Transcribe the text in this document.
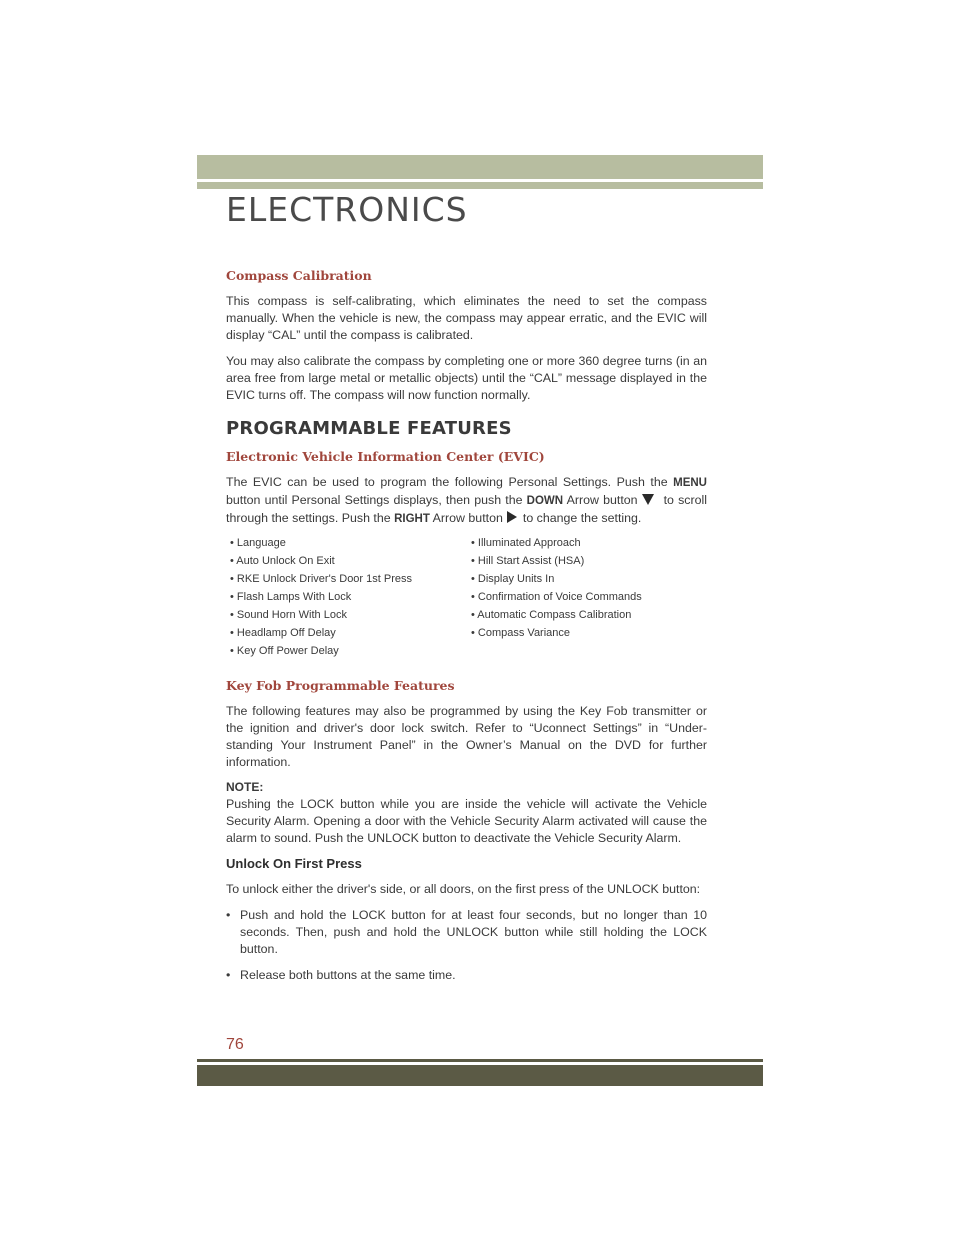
ELECTRONICS
Compass Calibration

This compass is self-calibrating, which eliminates the need to set the compass manually. When the vehicle is new, the compass may appear erratic, and the EVIC will display “CAL” until the compass is calibrated.

You may also calibrate the compass by completing one or more 360 degree turns (in an area free from large metal or metallic objects) until the “CAL” message displayed in the EVIC turns off. The compass will now function normally.

PROGRAMMABLE FEATURES
Electronic Vehicle Information Center (EVIC)

The EVIC can be used to program the following Personal Settings. Push the MENU button until Personal Settings displays, then push the DOWN Arrow button to scroll through the settings. Push the RIGHT Arrow button to change the setting.

• Language	• Illuminated Approach
• Auto Unlock On Exit	• Hill Start Assist (HSA)
• RKE Unlock Driver's Door 1st Press	• Display Units In
• Flash Lamps With Lock	• Confirmation of Voice Commands
• Sound Horn With Lock	• Automatic Compass Calibration
• Headlamp Off Delay	• Compass Variance
• Key Off Power Delay
Key Fob Programmable Features

The following features may also be programmed by using the Key Fob transmitter or the ignition and driver's door lock switch. Refer to “Uconnect Settings” in “Under-standing Your Instrument Panel” in the Owner’s Manual on the DVD for further information.

NOTE:

Pushing the LOCK button while you are inside the vehicle will activate the Vehicle Security Alarm. Opening a door with the Vehicle Security Alarm activated will cause the alarm to sound. Push the UNLOCK button to deactivate the Vehicle Security Alarm.

Unlock On First Press

To unlock either the driver's side, or all doors, on the first press of the UNLOCK button:

• Push and hold the LOCK button for at least four seconds, but no longer than 10 seconds. Then, push and hold the UNLOCK button while still holding the LOCK button.
• Release both buttons at the same time.

76
